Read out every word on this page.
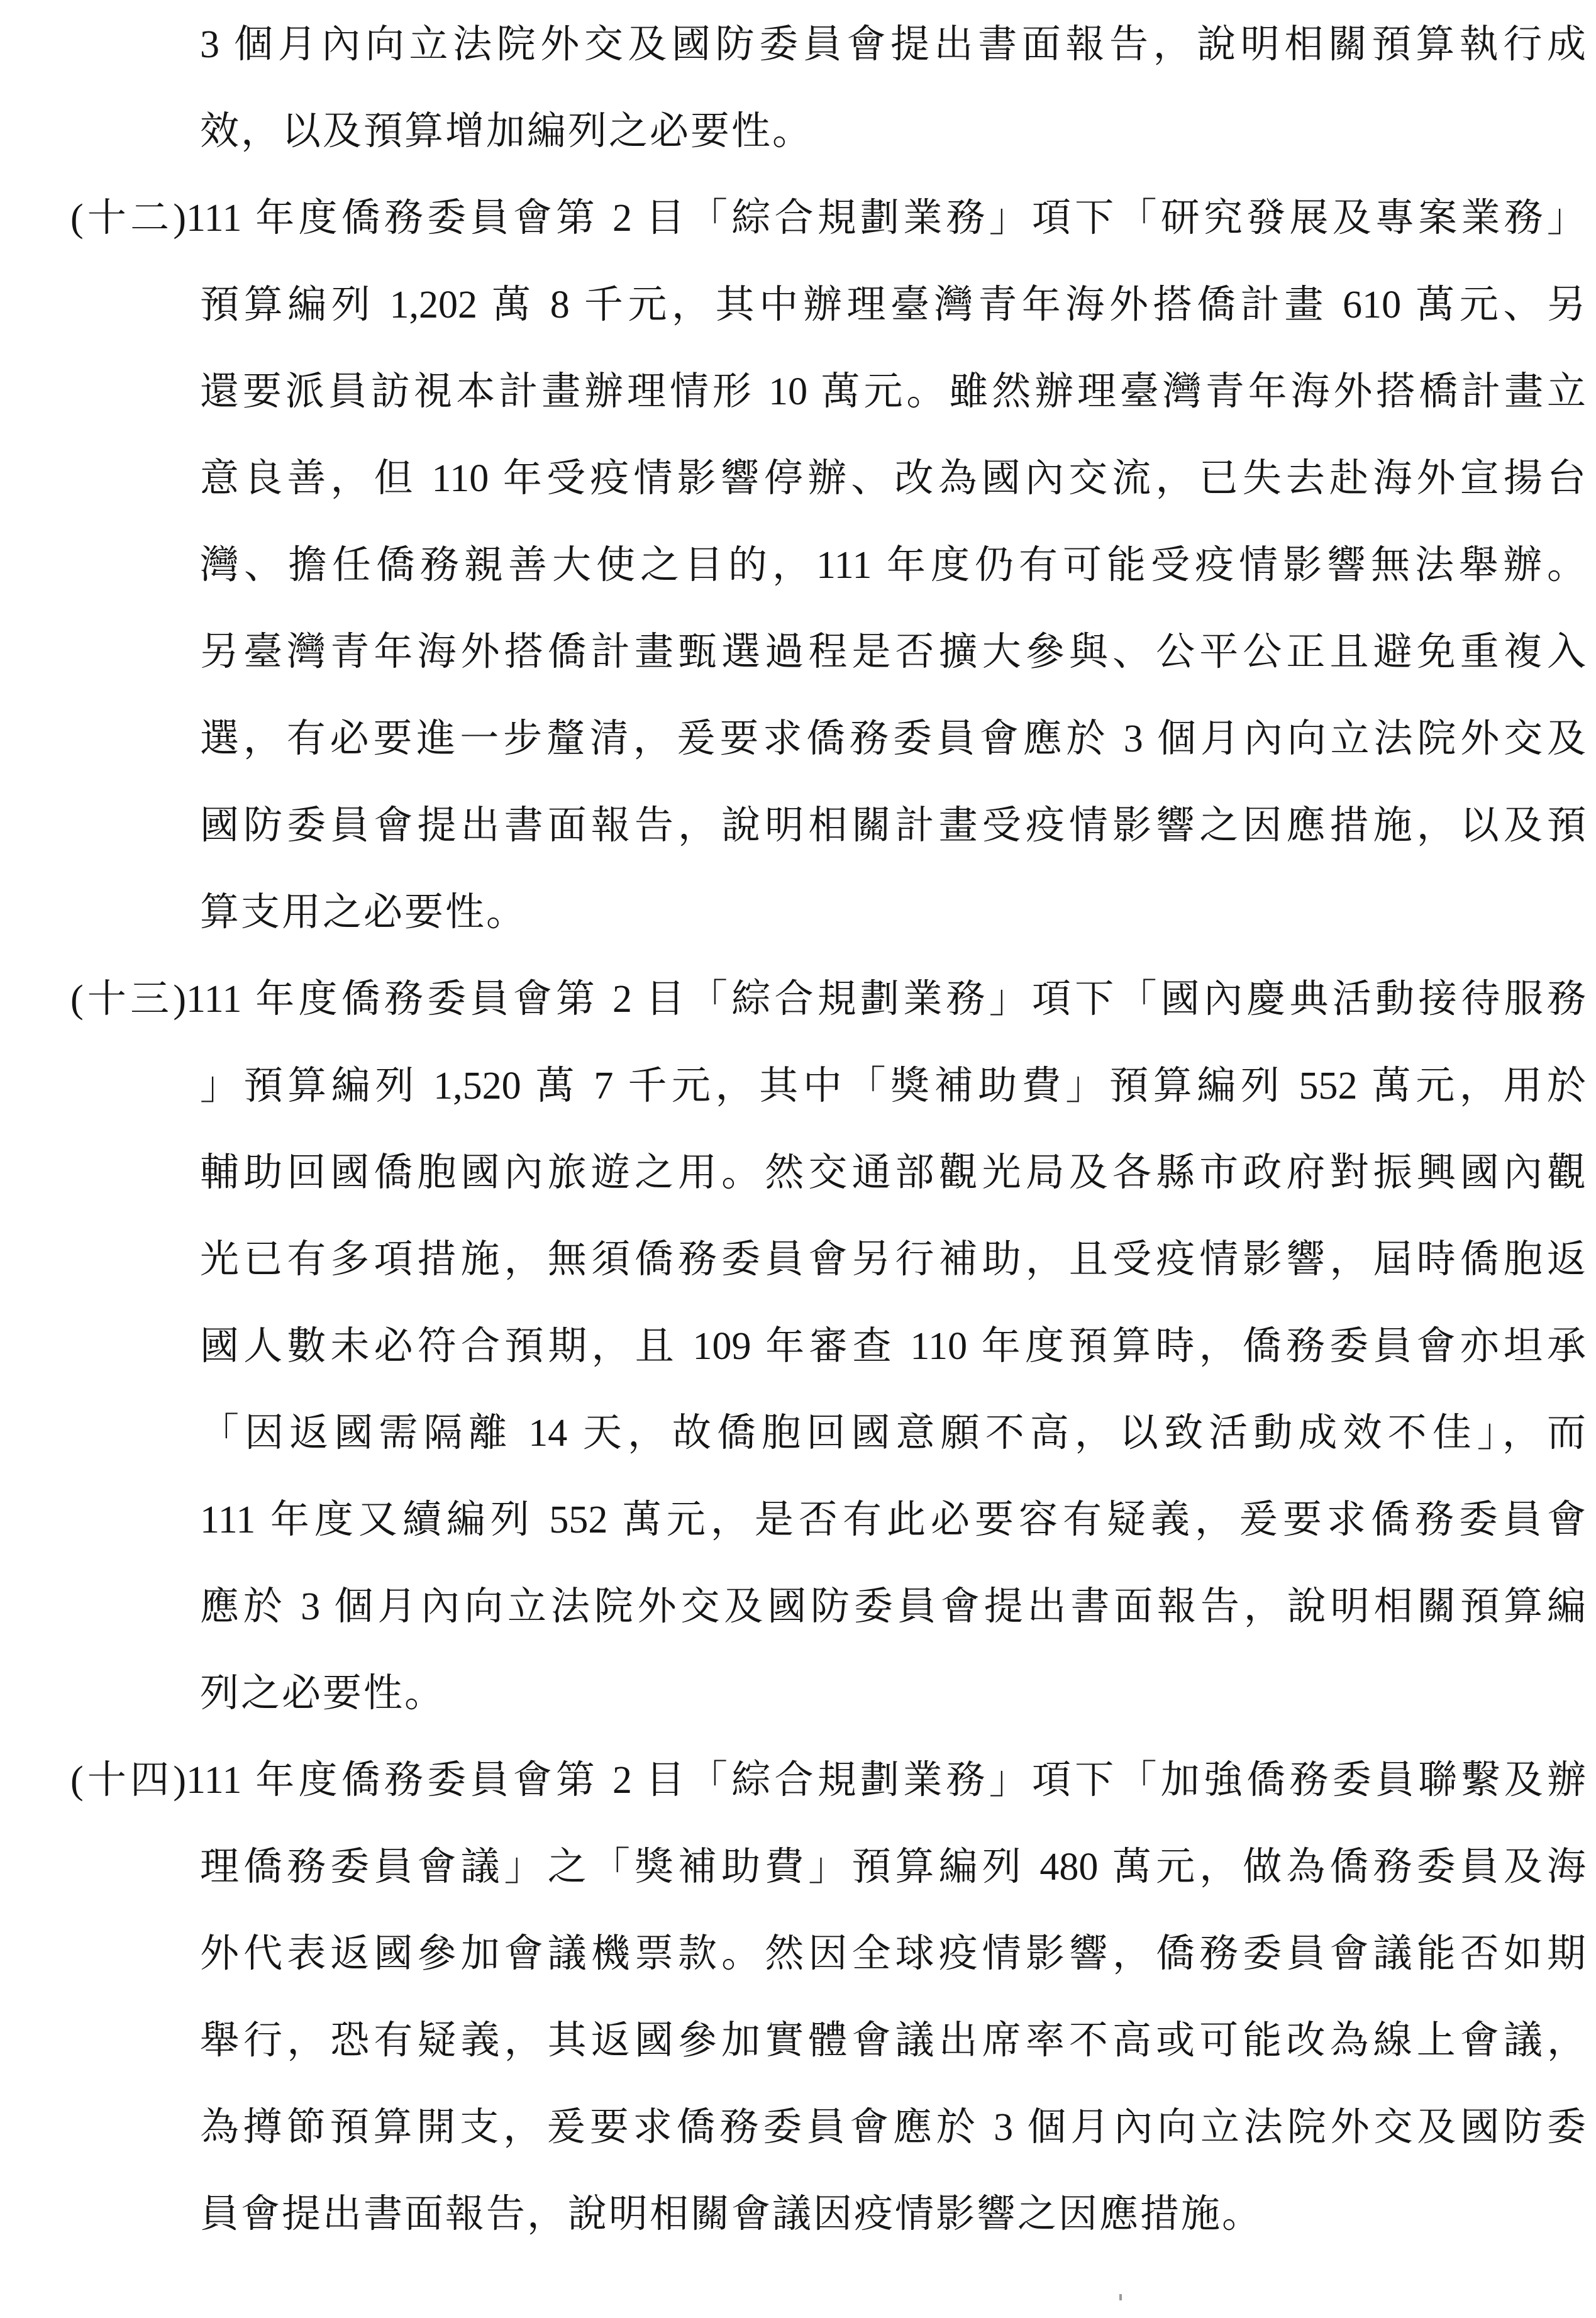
3 個月內向立法院外交及國防委員會提出書面報告，說明相關預算執行成
效，以及預算增加編列之必要性。
(十二)111 年度僑務委員會第 2 目「綜合規劃業務」項下「研究發展及專案業務」
預算編列 1,202 萬 8 千元，其中辦理臺灣青年海外搭僑計畫 610 萬元、另
還要派員訪視本計畫辦理情形 10 萬元。雖然辦理臺灣青年海外搭橋計畫立
意良善，但 110 年受疫情影響停辦、改為國內交流，已失去赴海外宣揚台
灣、擔任僑務親善大使之目的，111 年度仍有可能受疫情影響無法舉辦。
另臺灣青年海外搭僑計畫甄選過程是否擴大參與、公平公正且避免重複入
選，有必要進一步釐清，爰要求僑務委員會應於 3 個月內向立法院外交及
國防委員會提出書面報告，說明相關計畫受疫情影響之因應措施，以及預
算支用之必要性。
(十三)111 年度僑務委員會第 2 目「綜合規劃業務」項下「國內慶典活動接待服務
」預算編列 1,520 萬 7 千元，其中「獎補助費」預算編列 552 萬元，用於
輔助回國僑胞國內旅遊之用。然交通部觀光局及各縣市政府對振興國內觀
光已有多項措施，無須僑務委員會另行補助，且受疫情影響，屆時僑胞返
國人數未必符合預期，且 109 年審查 110 年度預算時，僑務委員會亦坦承
「因返國需隔離 14 天，故僑胞回國意願不高，以致活動成效不佳」，而
111 年度又續編列 552 萬元，是否有此必要容有疑義，爰要求僑務委員會
應於 3 個月內向立法院外交及國防委員會提出書面報告，說明相關預算編
列之必要性。
(十四)111 年度僑務委員會第 2 目「綜合規劃業務」項下「加強僑務委員聯繫及辦
理僑務委員會議」之「獎補助費」預算編列 480 萬元，做為僑務委員及海
外代表返國參加會議機票款。然因全球疫情影響，僑務委員會議能否如期
舉行，恐有疑義，其返國參加實體會議出席率不高或可能改為線上會議，
為撙節預算開支，爰要求僑務委員會應於 3 個月內向立法院外交及國防委
員會提出書面報告，說明相關會議因疫情影響之因應措施。
